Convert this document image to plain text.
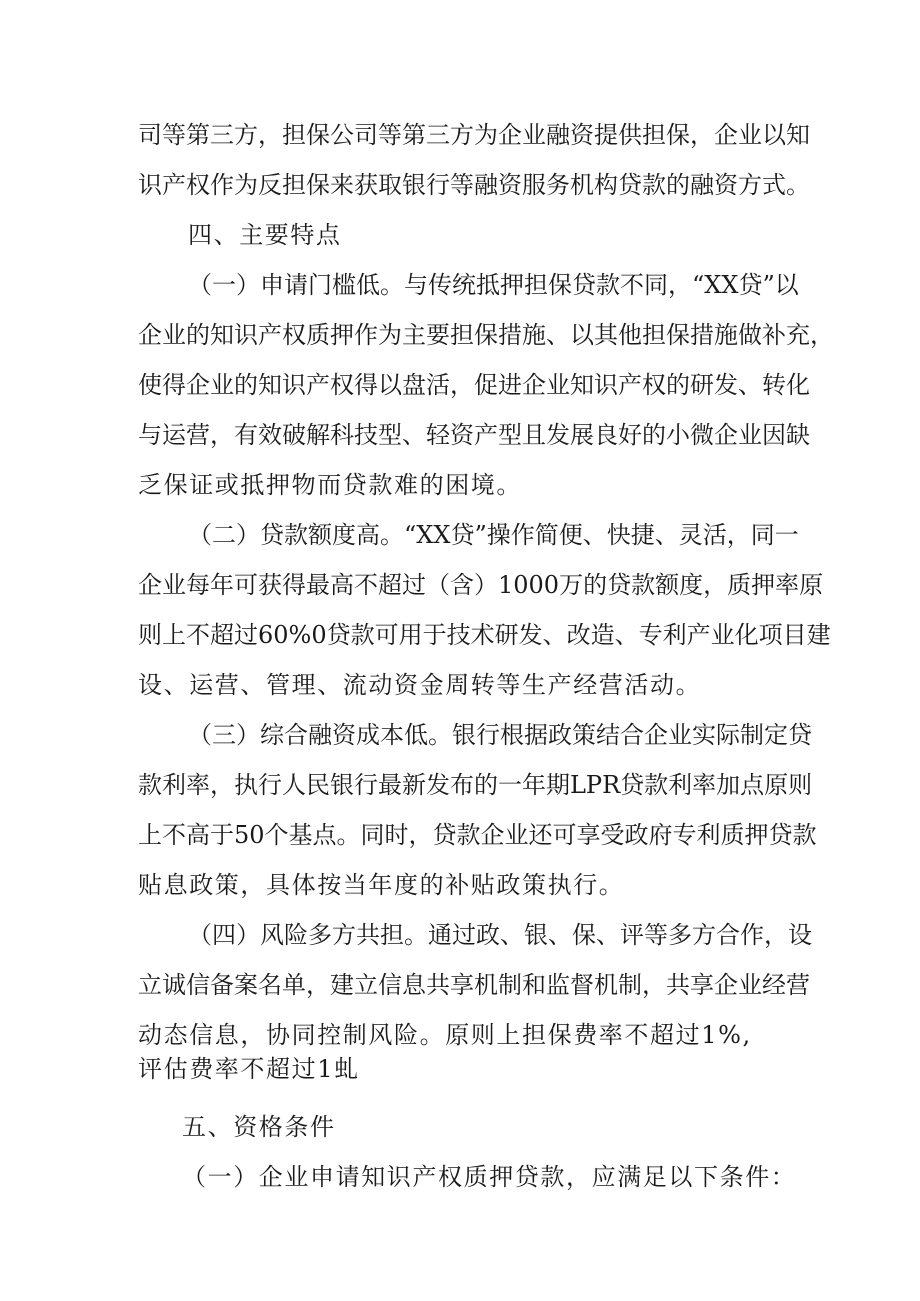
司等第三方，担保公司等第三方为企业融资提供担保，企业以知
识产权作为反担保来获取银行等融资服务机构贷款的融资方式。
四、主要特点
（一）申请门槛低。与传统抵押担保贷款不同，“XX贷”以
企业的知识产权质押作为主要担保措施、以其他担保措施做补充，
使得企业的知识产权得以盘活，促进企业知识产权的研发、转化
与运营，有效破解科技型、轻资产型且发展良好的小微企业因缺
乏保证或抵押物而贷款难的困境。
（二）贷款额度高。“XX贷”操作简便、快捷、灵活，同一
企业每年可获得最高不超过（含）1000万的贷款额度，质押率原
则上不超过60%0贷款可用于技术研发、改造、专利产业化项目建
设、运营、管理、流动资金周转等生产经营活动。
（三）综合融资成本低。银行根据政策结合企业实际制定贷
款利率，执行人民银行最新发布的一年期LPR贷款利率加点原则
上不高于50个基点。同时，贷款企业还可享受政府专利质押贷款
贴息政策，具体按当年度的补贴政策执行。
（四）风险多方共担。通过政、银、保、评等多方合作，设
立诚信备案名单，建立信息共享机制和监督机制，共享企业经营
动态信息，协同控制风险。原则上担保费率不超过1%,
评估费率不超过1虬
五、资格条件
（一）企业申请知识产权质押贷款，应满足以下条件：
